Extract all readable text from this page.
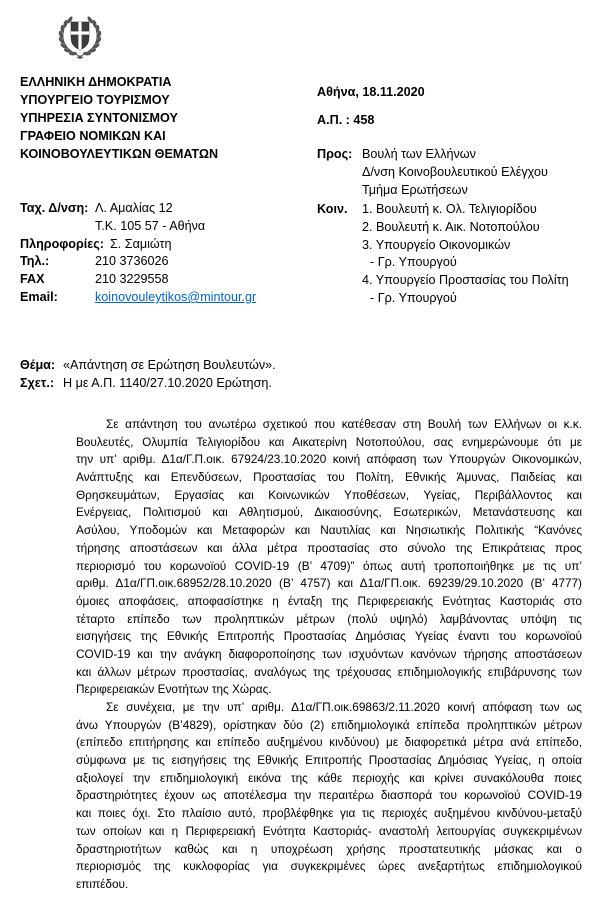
ΕΛΛΗΝΙΚΗ ΔΗΜΟΚΡΑΤΙΑ
ΥΠΟΥΡΓΕΙΟ ΤΟΥΡΙΣΜΟΥ
ΥΠΗΡΕΣΙΑ ΣΥΝΤΟΝΙΣΜΟΥ
ΓΡΑΦΕΙΟ ΝΟΜΙΚΩΝ ΚΑΙ
ΚΟΙΝΟΒΟΥΛΕΥΤΙΚΩΝ ΘΕΜΑΤΩΝ
Αθήνα, 18.11.2020
Α.Π. : 458
Προς: Βουλή των Ελλήνων
Δ/νση Κοινοβουλευτικού Ελέγχου
Τμήμα Ερωτήσεων
Κοιν.	1. Βουλευτή κ. Ολ. Τελιγιορίδου
2. Βουλευτή κ. Αικ. Νοτοπούλου
3. Υπουργείο Οικονομικών
- Γρ. Υπουργού
4. Υπουργείο Προστασίας του Πολίτη
- Γρ. Υπουργού
Ταχ. Δ/νση: Λ. Αμαλίας 12
Τ.Κ. 105 57 - Αθήνα
Πληροφορίες: Σ. Σαμιώτη
Τηλ.:	210 3736026
FAX	210 3229558
Email:	koinovouleytikos@mintour.gr
Θέμα: «Απάντηση σε Ερώτηση Βουλευτών».
Σχετ.: Η με Α.Π. 1140/27.10.2020 Ερώτηση.
Σε απάντηση του ανωτέρω σχετικού που κατέθεσαν στη Βουλή των Ελλήνων οι κ.κ.
Βουλευτές, Ολυμπία Τελιγιορίδου και Αικατερίνη Νοτοπούλου, σας ενημερώνουμε ότι με
την υπ’ αριθμ. Δ1α/Γ.Π.οικ. 67924/23.10.2020 κοινή απόφαση των Υπουργών Οικονομικών,
Ανάπτυξης και Επενδύσεων, Προστασίας του Πολίτη, Εθνικής Άμυνας, Παιδείας και
Θρησκευμάτων, Εργασίας και Κοινωνικών Υποθέσεων, Υγείας, Περιβάλλοντος και
Ενέργειας, Πολιτισμού και Αθλητισμού, Δικαιοσύνης, Εσωτερικών, Μετανάστευσης και
Ασύλου, Υποδομών και Μεταφορών και Ναυτιλίας και Νησιωτικής Πολιτικής “Κανόνες
τήρησης αποστάσεων και άλλα μέτρα προστασίας στο σύνολο της Επικράτειας προς
περιορισμό του κορωνοϊού COVID-19 (Β’ 4709)” όπως αυτή τροποποιήθηκε με τις υπ’
αριθμ. Δ1α/ΓΠ.οικ.68952/28.10.2020 (Β’ 4757) και Δ1α/ΓΠ.οικ. 69239/29.10.2020 (Β’ 4777)
όμοιες αποφάσεις, αποφασίστηκε η ένταξη της Περιφερειακής Ενότητας Καστοριάς στο
τέταρτο επίπεδο των προληπτικών μέτρων (πολύ υψηλό) λαμβάνοντας υπόψη τις
εισηγήσεις της Εθνικής Επιτροπής Προστασίας Δημόσιας Υγείας έναντι του κορωνοϊού
COVID-19 και την ανάγκη διαφοροποίησης των ισχυόντων κανόνων τήρησης αποστάσεων
και άλλων μέτρων προστασίας, αναλόγως της τρέχουσας επιδημιολογικής επιβάρυνσης των
Περιφερειακών Ενοτήτων της Χώρας.
Σε συνέχεια, με την υπ’ αριθμ. Δ1α/ΓΠ.οικ.69863/2.11.2020 κοινή απόφαση των ως
άνω Υπουργών (Β’4829), ορίστηκαν δύο (2) επιδημιολογικά επίπεδα προληπτικών μέτρων
(επίπεδο επιτήρησης και επίπεδο αυξημένου κινδύνου) με διαφορετικά μέτρα ανά επίπεδο,
σύμφωνα με τις εισηγήσεις της Εθνικής Επιτροπής Προστασίας Δημόσιας Υγείας, η οποία
αξιολογεί την επιδημιολογική εικόνα της κάθε περιοχής και κρίνει συνακόλουθα ποιες
δραστηριότητες έχουν ως αποτέλεσμα την περαιτέρω διασπορά του κορωνοϊού COVID-19
και ποιες όχι. Στο πλαίσιο αυτό, προβλέφθηκε για τις περιοχές αυξημένου κινδύνου-μεταξύ
των οποίων και η Περιφερειακή Ενότητα Καστοριάς- αναστολή λειτουργίας συγκεκριμένων
δραστηριοτήτων καθώς και η υποχρέωση χρήσης προστατευτικής μάσκας και ο
περιορισμός της κυκλοφορίας για συγκεκριμένες ώρες ανεξαρτήτως επιδημιολογικού
επιπέδου.
